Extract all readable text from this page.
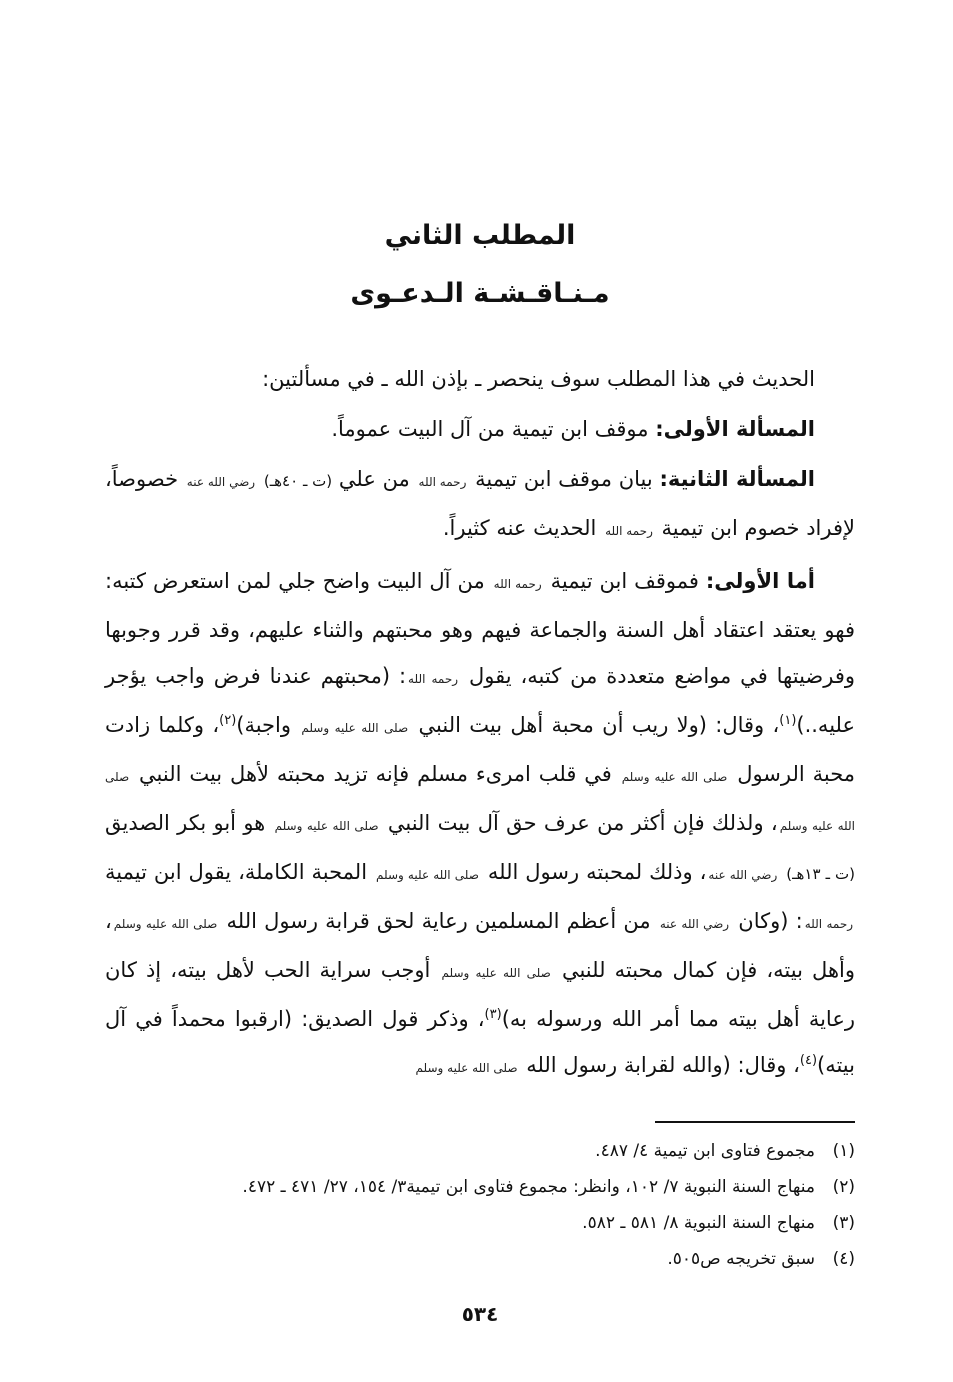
المطلب الثاني
مـنـاقـشـة الـدعـوى

الحديث في هذا المطلب سوف ينحصر ـ بإذن الله ـ في مسألتين:

المسألة الأولى: موقف ابن تيمية من آل البيت عموماً.

المسألة الثانية: بيان موقف ابن تيمية رحمه الله من علي (ت ـ ٤٠هـ) رضي الله عنه خصوصاً، لإفراد خصوم ابن تيمية رحمه الله الحديث عنه كثيراً.

أما الأولى: فموقف ابن تيمية رحمه الله من آل البيت واضح جلي لمن استعرض كتبه: فهو يعتقد اعتقاد أهل السنة والجماعة فيهم وهو محبتهم والثناء عليهم، وقد قرر وجوبها وفرضيتها في مواضع متعددة من كتبه، يقول رحمه الله: (محبتهم عندنا فرض واجب يؤجر عليه..)$^{(١)}$، وقال: (ولا ريب أن محبة أهل بيت النبي صلى الله عليه وسلم واجبة)$^{(٢)}$، وكلما زادت محبة الرسول صلى الله عليه وسلم في قلب امرىء مسلم فإنه تزيد محبته لأهل بيت النبي صلى الله عليه وسلم، ولذلك فإن أكثر من عرف حق آل بيت النبي صلى الله عليه وسلم هو أبو بكر الصديق (ت ـ ١٣هـ) رضي الله عنه، وذلك لمحبته رسول الله صلى الله عليه وسلم المحبة الكاملة، يقول ابن تيمية رحمه الله: (وكان رضي الله عنه من أعظم المسلمين رعاية لحق قرابة رسول الله صلى الله عليه وسلم، وأهل بيته، فإن كمال محبته للنبي صلى الله عليه وسلم أوجب سراية الحب لأهل بيته، إذ كان رعاية أهل بيته مما أمر الله ورسوله به)$^{(٣)}$، وذكر قول الصديق: (ارقبوا محمداً في آل بيته)$^{(٤)}$، وقال: (والله لقرابة رسول الله صلى الله عليه وسلم

(١)
مجموع فتاوى ابن تيمية ٤/ ٤٨٧.
(٢)
منهاج السنة النبوية ٧/ ١٠٢، وانظر: مجموع فتاوى ابن تيمية٣/ ١٥٤، ٢٧/ ٤٧١ ـ ٤٧٢.
(٣)
منهاج السنة النبوية ٨/ ٥٨١ ـ ٥٨٢.
(٤)
سبق تخريجه ص٥٠٥.
٥٣٤
